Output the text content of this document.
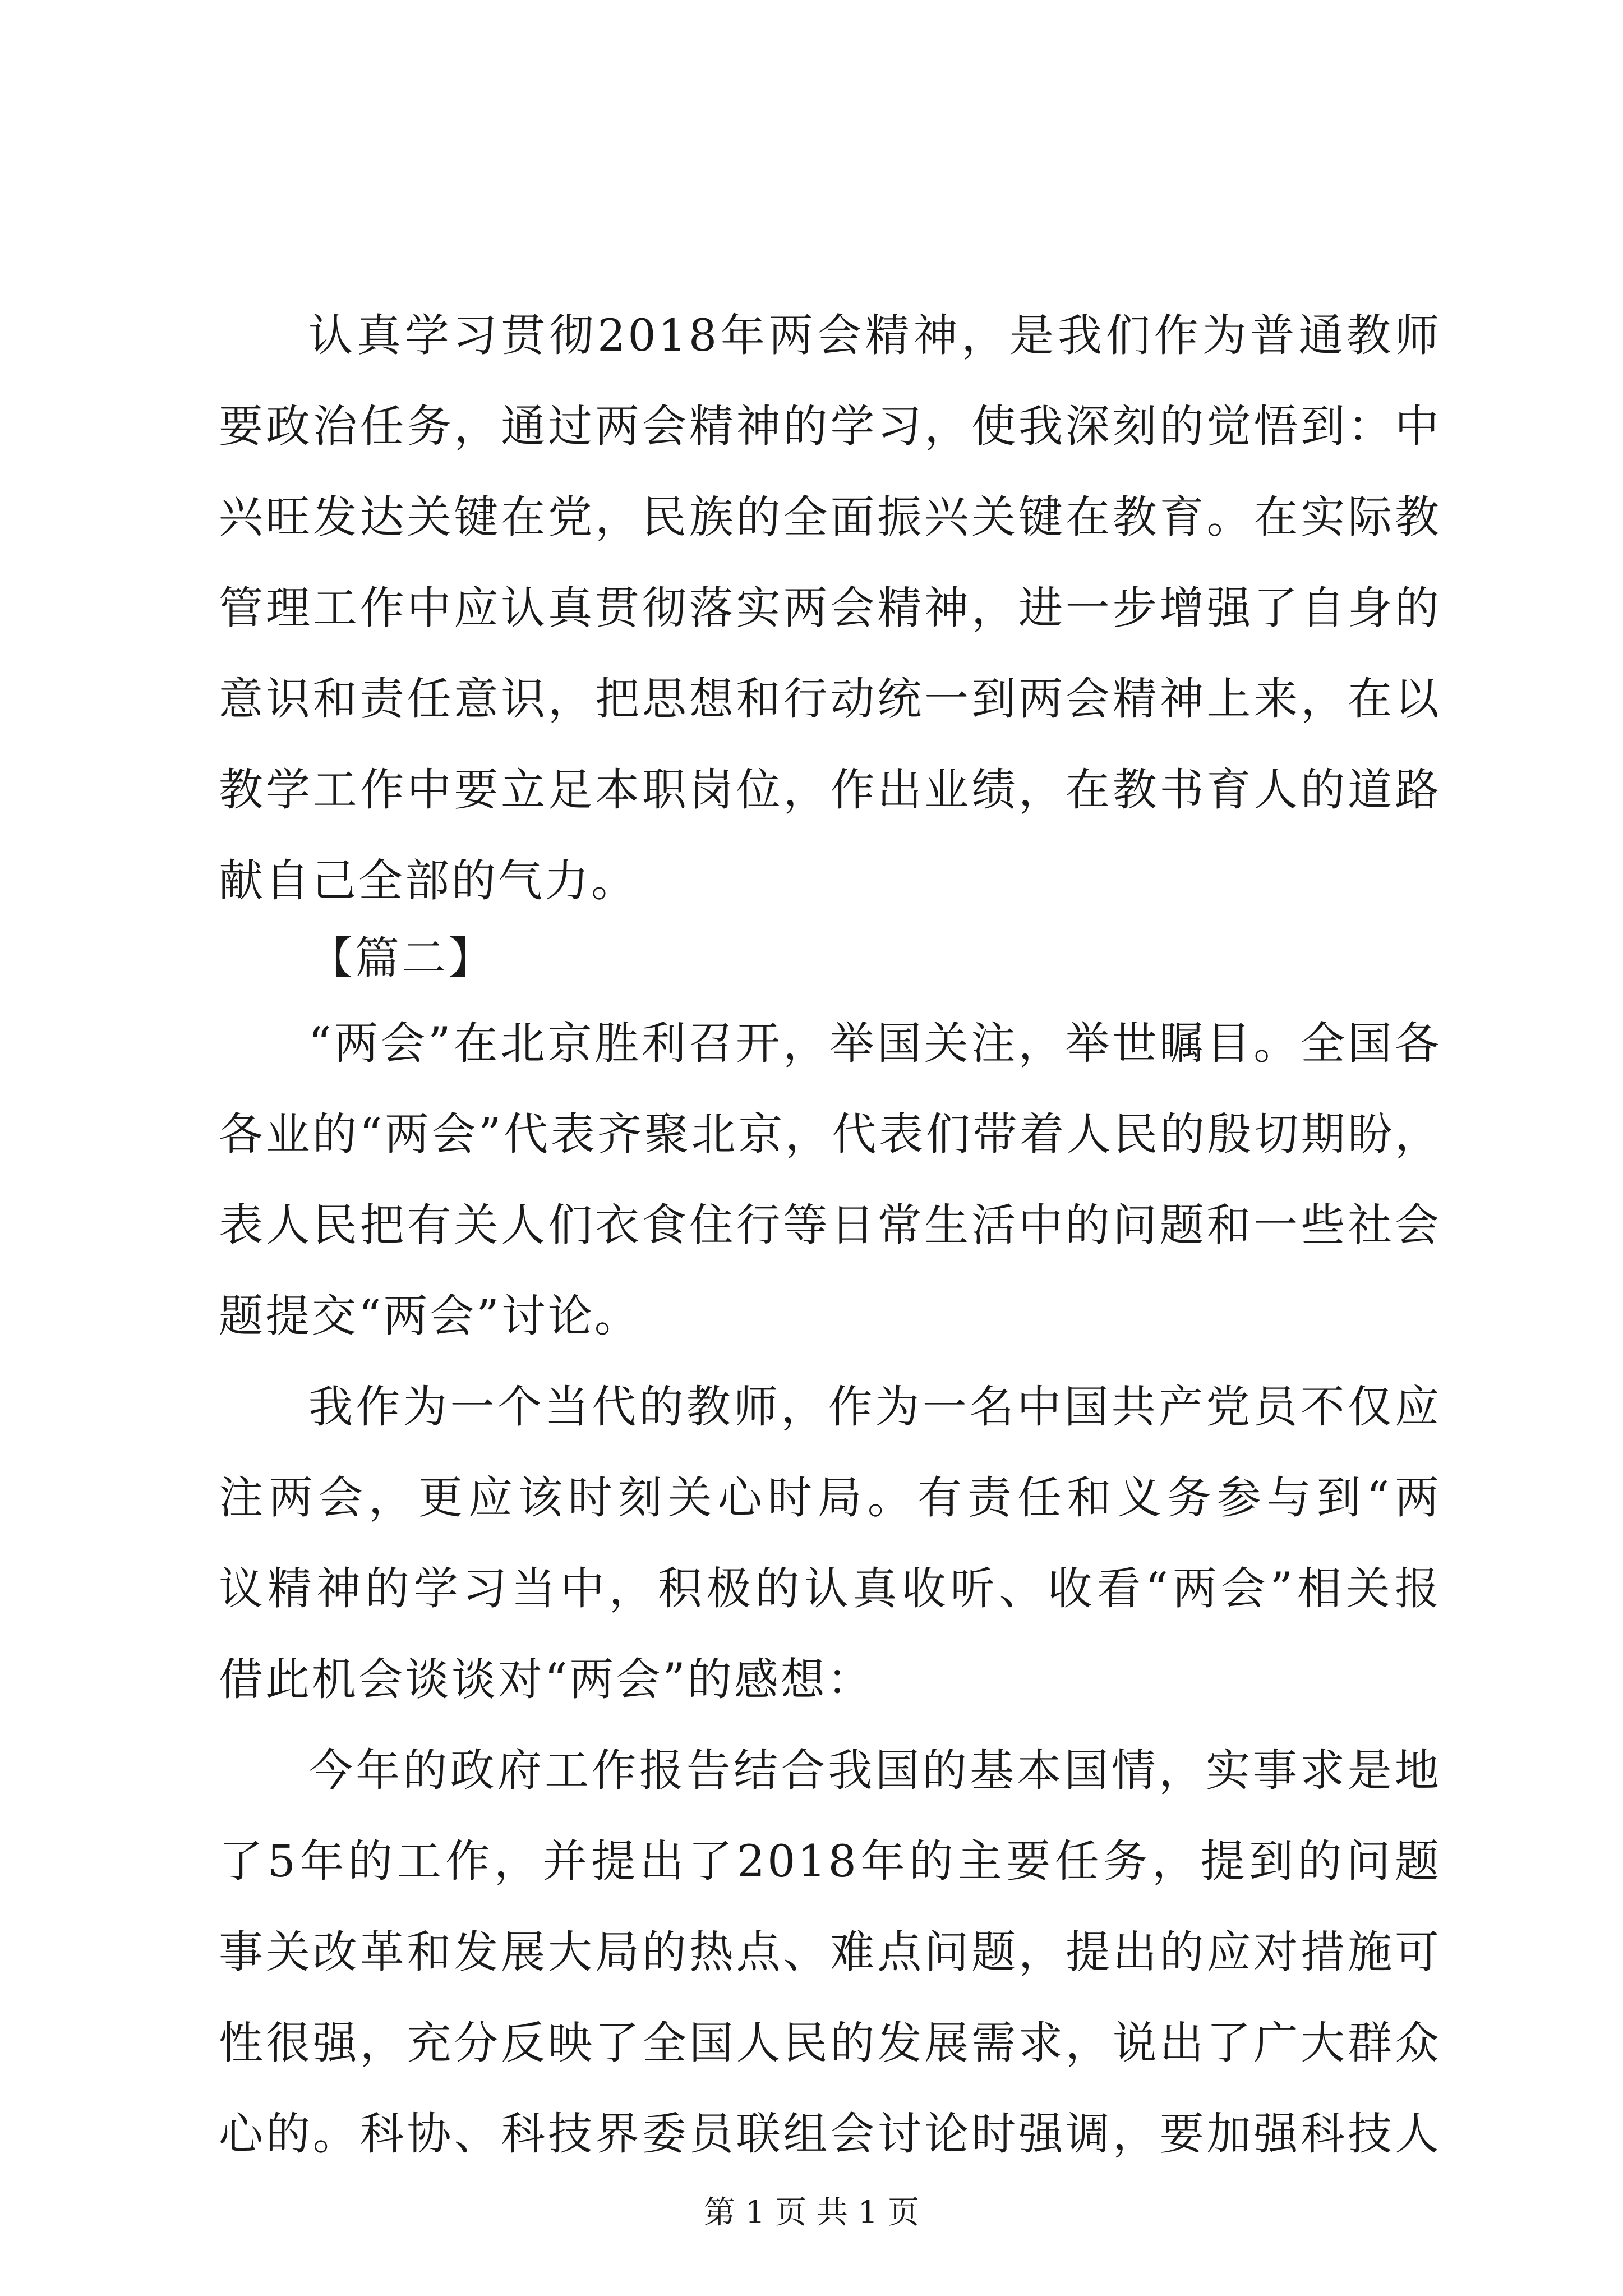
认真学习贯彻2018年两会精神，是我们作为普通教师
要政治任务，通过两会精神的学习，使我深刻的觉悟到：中
兴旺发达关键在党，民族的全面振兴关键在教育。在实际教
管理工作中应认真贯彻落实两会精神，进一步增强了自身的
意识和责任意识，把思想和行动统一到两会精神上来，在以
教学工作中要立足本职岗位，作出业绩，在教书育人的道路
献自己全部的气力。
【篇二】
“两会”在北京胜利召开，举国关注，举世瞩目。全国各
各业的“两会”代表齐聚北京，代表们带着人民的殷切期盼，
表人民把有关人们衣食住行等日常生活中的问题和一些社会
题提交“两会”讨论。
我作为一个当代的教师，作为一名中国共产党员不仅应
注两会，更应该时刻关心时局。有责任和义务参与到“两
议精神的学习当中，积极的认真收听、收看“两会”相关报
借此机会谈谈对“两会”的感想：
今年的政府工作报告结合我国的基本国情，实事求是地
了5年的工作，并提出了2018年的主要任务，提到的问题
事关改革和发展大局的热点、难点问题，提出的应对措施可
性很强，充分反映了全国人民的发展需求，说出了广大群众
心的。科协、科技界委员联组会讨论时强调，要加强科技人
第 1 页 共 1 页
